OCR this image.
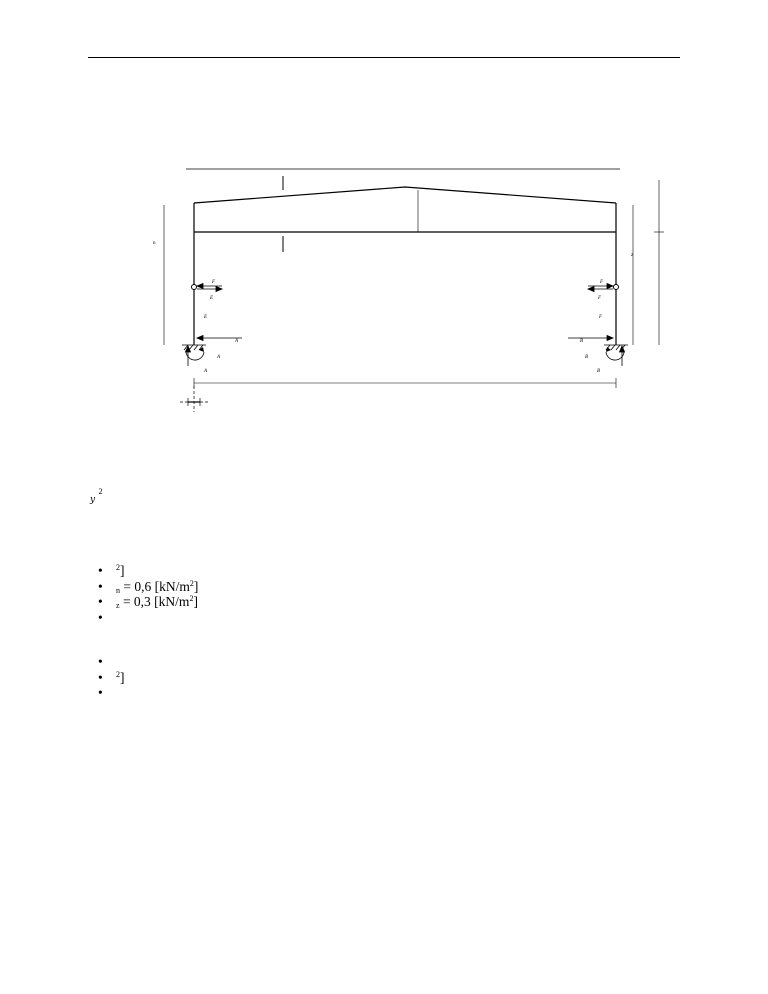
n
z
F
E
F
F
E	F
A	B
A	B
A	B
$_y$ $^2$
• $^2$]
• $_n$ = 0,6 $[kN/m^2]$
• $_z$ = 0,3 $[kN/m^2]$
•
•
• $^2$]
•
